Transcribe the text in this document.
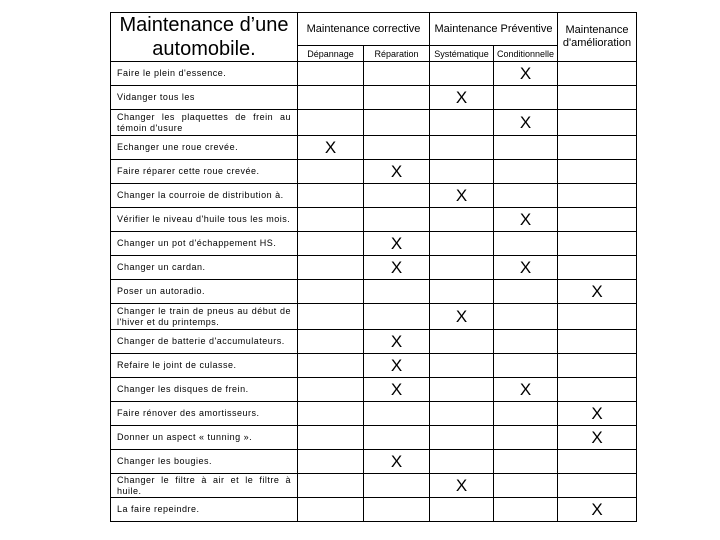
Maintenance d’une automobile.	Maintenance corrective		Maintenance Préventive		Maintenance d'amélioration
	Dépannage	Réparation	Systématique	Conditionnelle	
Faire le plein d'essence.				X	
Vidanger tous les			X		
Changer les plaquettes de frein au témoin d'usure				X	
Echanger une roue crevée.	X				
Faire réparer cette roue crevée.		X			
Changer la courroie de distribution à.			X		
Vérifier le niveau d'huile tous les mois.				X	
Changer un pot d'échappement HS.		X			
Changer un cardan.		X		X	
Poser un autoradio.					X
Changer le train de pneus au début de l'hiver et du printemps.			X		
Changer de batterie d'accumulateurs.		X			
Refaire le joint de culasse.		X			
Changer les disques de frein.		X		X	
Faire rénover des amortisseurs.					X
Donner un aspect « tunning ».					X
Changer les bougies.		X			
Changer le filtre à air et le filtre à huile.			X		
La faire repeindre.					X
